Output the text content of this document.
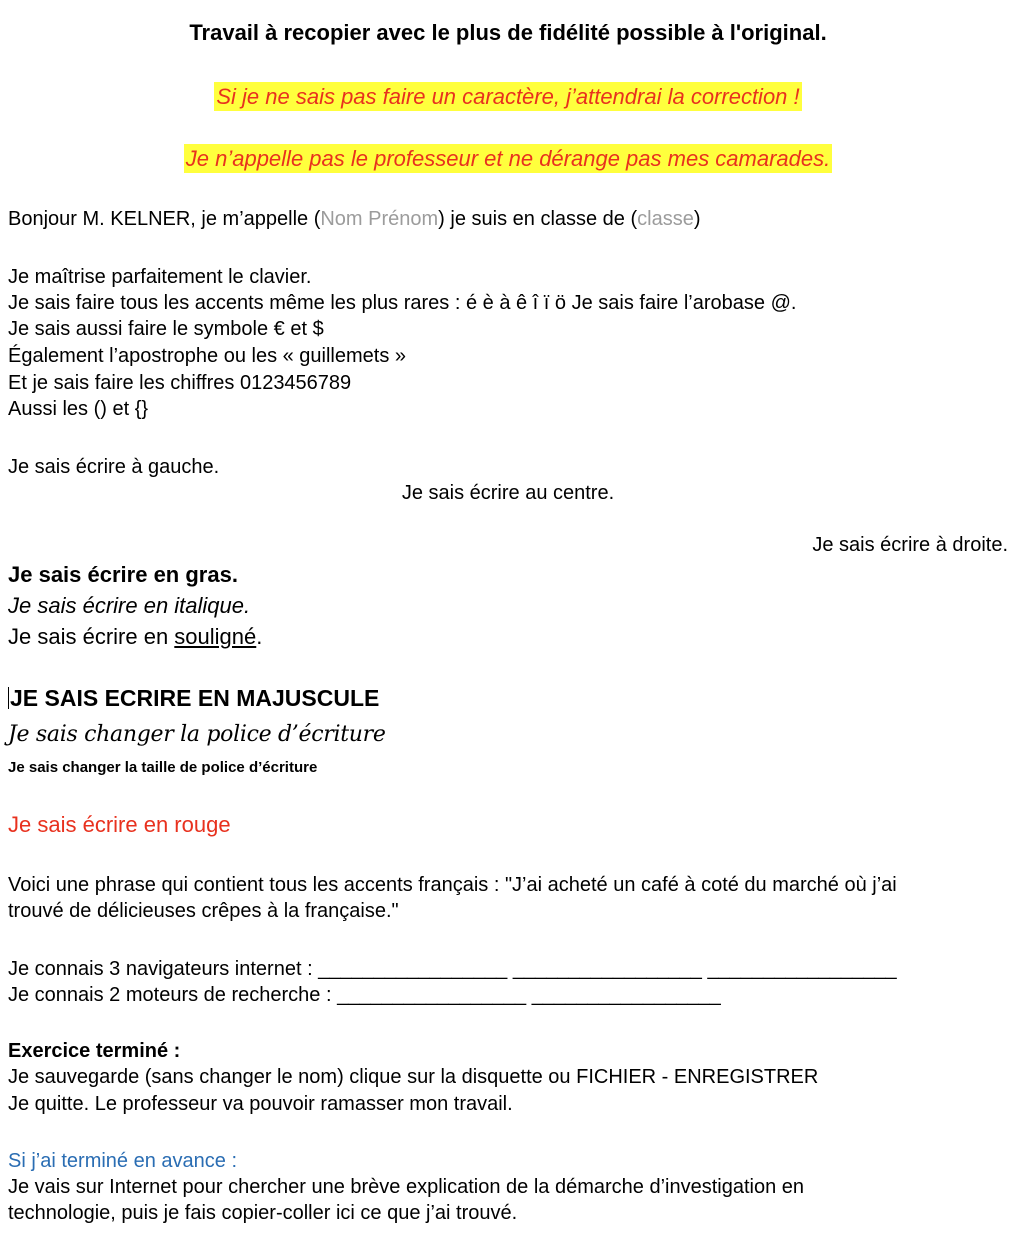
Travail à recopier avec le plus de fidélité possible à l'original.
Si je ne sais pas faire un caractère, j’attendrai la correction !
Je n’appelle pas le professeur et ne dérange pas mes camarades.
Bonjour M. KELNER, je m’appelle (Nom Prénom) je suis en classe de (classe)
Je maîtrise parfaitement le clavier.
Je sais faire tous les accents même les plus rares : é è à ê î ï ö Je sais faire l’arobase @.
Je sais aussi faire le symbole € et $
Également l’apostrophe ou les « guillemets »
Et je sais faire les chiffres 0123456789
Aussi les () et {}
Je sais écrire à gauche.
Je sais écrire au centre.
Je sais écrire à droite.
Je sais écrire en gras.
Je sais écrire en italique.
Je sais écrire en souligné.
JE SAIS ECRIRE EN MAJUSCULE
Je sais changer la police d’écriture
Je sais changer la taille de police d’écriture
Je sais écrire en rouge
Voici une phrase qui contient tous les accents français : "J’ai acheté un café à coté du marché où j’ai
trouvé de délicieuses crêpes à la française."
Je connais 3 navigateurs internet : _________________ _________________ _________________
Je connais 2 moteurs de recherche : _________________ _________________
Exercice terminé :
Je sauvegarde (sans changer le nom) clique sur la disquette ou FICHIER - ENREGISTRER
Je quitte. Le professeur va pouvoir ramasser mon travail.
Si j’ai terminé en avance :
Je vais sur Internet pour chercher une brève explication de la démarche d’investigation en
technologie, puis je fais copier-coller ici ce que j’ai trouvé.
